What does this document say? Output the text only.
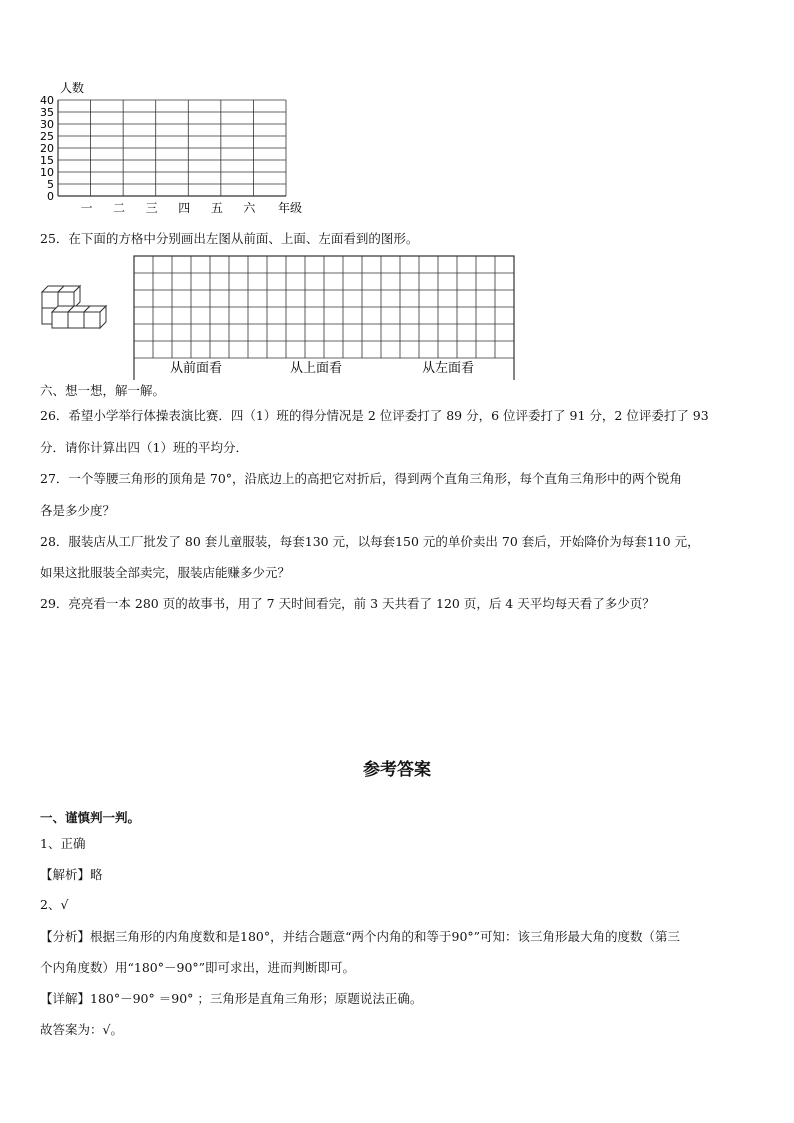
人数
0
5
10
15
20
25
30
35
40
一 二 三 四 五 六 年级
25．在下面的方格中分别画出左图从前面、上面、左面看到的图形。
从前面看	从上面看	从左面看
六、想一想，解一解。
26．希望小学举行体操表演比赛．四（1）班的得分情况是 2 位评委打了 89 分，6 位评委打了 91 分，2 位评委打了 93
分．请你计算出四（1）班的平均分．
27．一个等腰三角形的顶角是 70°，沿底边上的高把它对折后，得到两个直角三角形，每个直角三角形中的两个锐角
各是多少度？
28．服装店从工厂批发了 80 套儿童服装，每套130 元，以每套150 元的单价卖出 70 套后，开始降价为每套110 元，
如果这批服装全部卖完，服装店能赚多少元？
29．亮亮看一本 280 页的故事书，用了 7 天时间看完，前 3 天共看了 120 页，后 4 天平均每天看了多少页？
参考答案
一、谨慎判一判。
1、正确
【解析】略
2、√
【分析】根据三角形的内角度数和是180°，并结合题意“两个内角的和等于90°”可知：该三角形最大角的度数（第三
个内角度数）用“180°－90°”即可求出，进而判断即可。
【详解】180°－90° ＝90° ；三角形是直角三角形；原题说法正确。
故答案为：√。
